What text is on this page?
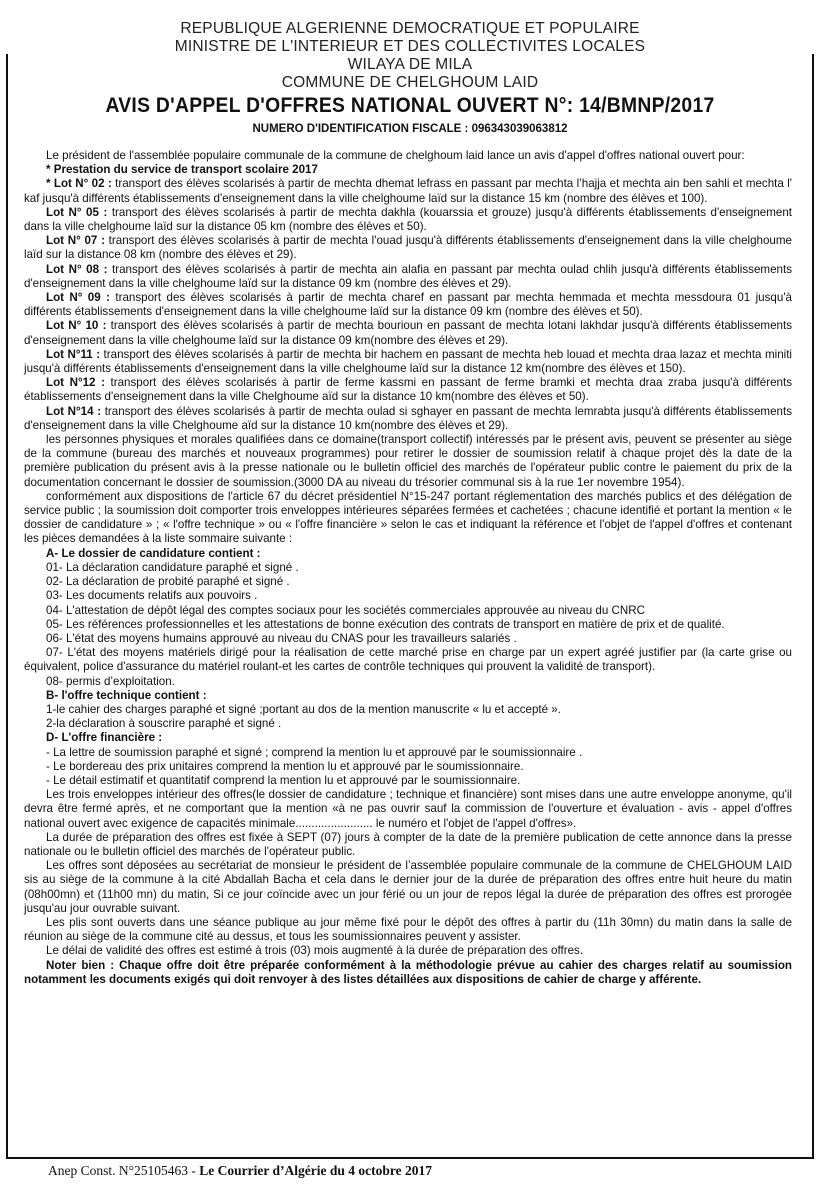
REPUBLIQUE ALGERIENNE DEMOCRATIQUE ET POPULAIRE
MINISTRE DE L'INTERIEUR ET DES COLLECTIVITES LOCALES
WILAYA DE MILA
COMMUNE DE CHELGHOUM LAID
AVIS D'APPEL D'OFFRES NATIONAL OUVERT N°: 14/BMNP/2017
NUMERO D'IDENTIFICATION FISCALE : 096343039063812

Le président de l'assemblée populaire communale de la commune de chelghoum laid lance un avis d'appel d'offres national ouvert pour:

* Prestation du service de transport scolaire 2017

* Lot N° 02 : transport des élèves scolarisés à partir de mechta dhemat lefrass en passant par mechta l’hajja et mechta ain ben sahli et mechta l' kaf jusqu'à différents établissements d'enseignement dans la ville chelghoume laïd sur la distance 15 km (nombre des élèves et 100).

Lot N° 05 : transport des élèves scolarisés à partir de mechta dakhla (kouarssia et grouze) jusqu'à différents établissements d'enseignement dans la ville chelghoume laïd sur la distance 05 km (nombre des élèves et 50).

Lot N° 07 : transport des élèves scolarisés à partir de mechta l'ouad jusqu'à différents établissements d'enseignement dans la ville chelghoume laïd sur la distance 08 km (nombre des élèves et 29).

Lot N° 08 : transport des élèves scolarisés à partir de mechta ain alafia en passant par mechta oulad chlih jusqu'à différents établissements d'enseignement dans la ville chelghoume laïd sur la distance 09 km (nombre des élèves et 29).

Lot N° 09 : transport des élèves scolarisés à partir de mechta charef en passant par mechta hemmada et mechta messdoura 01 jusqu'à différents établissements d'enseignement dans la ville chelghoume laïd sur la distance 09 km (nombre des élèves et 50).

Lot N° 10 : transport des élèves scolarisés à partir de mechta bourioun en passant de mechta lotani lakhdar jusqu'à différents établissements d'enseignement dans la ville chelghoume laïd sur la distance 09 km(nombre des élèves et 29).

Lot N°11 : transport des élèves scolarisés à partir de mechta bir hachem en passant de mechta heb louad et mechta draa lazaz et mechta miniti jusqu'à différents établissements d'enseignement dans la ville chelghoume laïd sur la distance 12 km(nombre des élèves et 150).

Lot N°12 : transport des élèves scolarisés à partir de ferme kassmi en passant de ferme bramki et mechta draa zraba jusqu'à différents établissements d'enseignement dans la ville Chelghoume aïd sur la distance 10 km(nombre des élèves et 50).

Lot N°14 : transport des élèves scolarisés à partir de mechta oulad si sghayer en passant de mechta lemrabta jusqu'à différents établissements d'enseignement dans la ville Chelghoume aïd sur la distance 10 km(nombre des élèves et 29).

les personnes physiques et morales qualifiées dans ce domaine(transport collectif) intéressés par le présent avis, peuvent se présenter au siège de la commune (bureau des marchés et nouveaux programmes) pour retirer le dossier de soumission relatif à chaque projet dès la date de la première publication du présent avis à la presse nationale ou le bulletin officiel des marchés de l'opérateur public contre le paiement du prix de la documentation concernant le dossier de soumission.(3000 DA au niveau du trésorier communal sis à la rue 1er novembre 1954).

conformément aux dispositions de l'article 67 du décret présidentiel N°15-247 portant réglementation des marchés publics et des délégation de service public ; la soumission doit comporter trois enveloppes intérieures séparées fermées et cachetées ; chacune identifié et portant la mention « le dossier de candidature » ; « l'offre technique » ou « l'offre financière » selon le cas et indiquant la référence et l'objet de l'appel d'offres et contenant les pièces demandées à la liste sommaire suivante :

A- Le dossier de candidature contient :

01- La déclaration candidature paraphé et signé .

02- La déclaration de probité paraphé et signé .

03- Les documents relatifs aux pouvoirs .

04- L'attestation de dépôt légal des comptes sociaux pour les sociétés commerciales approuvée au niveau du CNRC

05- Les références professionnelles et les attestations de bonne exécution des contrats de transport en matière de prix et de qualité.

06- L'état des moyens humains approuvé au niveau du CNAS pour les travailleurs salariés .

07- L'état des moyens matériels dirigé pour la réalisation de cette marché prise en charge par un expert agréé justifier par (la carte grise ou équivalent, police d'assurance du matériel roulant-et les cartes de contrôle techniques qui prouvent la validité de transport).

08- permis d’exploitation.

B- l'offre technique contient :

1-le cahier des charges paraphé et signé ;portant au dos de la mention manuscrite « lu et accepté ».

2-la déclaration à souscrire paraphé et signé .

D- L'offre financière :

- La lettre de soumission paraphé et signé ; comprend la mention lu et approuvé par le soumissionnaire .

- Le bordereau des prix unitaires comprend la mention lu et approuvé par le soumissionnaire.

- Le détail estimatif et quantitatif comprend la mention lu et approuvé par le soumissionnaire.

Les trois enveloppes intérieur des offres(le dossier de candidature ; technique et financière) sont mises dans une autre enveloppe anonyme, qu'il devra être fermé après, et ne comportant que la mention «à ne pas ouvrir sauf la commission de l'ouverture et évaluation - avis - appel d'offres national ouvert avec exigence de capacités minimale........................ le numéro et l'objet de l'appel d'offres».

La durée de préparation des offres est fixée à SEPT (07) jours à compter de la date de la première publication de cette annonce dans la presse nationale ou le bulletin officiel des marchés de l'opérateur public.

Les offres sont déposées au secrétariat de monsieur le président de l’assemblée populaire communale de la commune de CHELGHOUM LAID sis au siège de la commune à la cité Abdallah Bacha et cela dans le dernier jour de la durée de préparation des offres entre huit heure du matin (08h00mn) et (11h00 mn) du matin, Si ce jour coïncide avec un jour férié ou un jour de repos légal la durée de préparation des offres est prorogée jusqu'au jour ouvrable suivant.

Les plis sont ouverts dans une séance publique au jour même fixé pour le dépôt des offres à partir du (11h 30mn) du matin dans la salle de réunion au siège de la commune cité au dessus, et tous les soumissionnaires peuvent y assister.

Le délai de validité des offres est estimé à trois (03) mois augmenté à la durée de préparation des offres.

Noter bien : Chaque offre doit être préparée conformément à la méthodologie prévue au cahier des charges relatif au soumission notamment les documents exigés qui doit renvoyer à des listes détaillées aux dispositions de cahier de charge y afférente.

Anep Const. N°25105463 - Le Courrier d’Algérie du 4 octobre 2017
